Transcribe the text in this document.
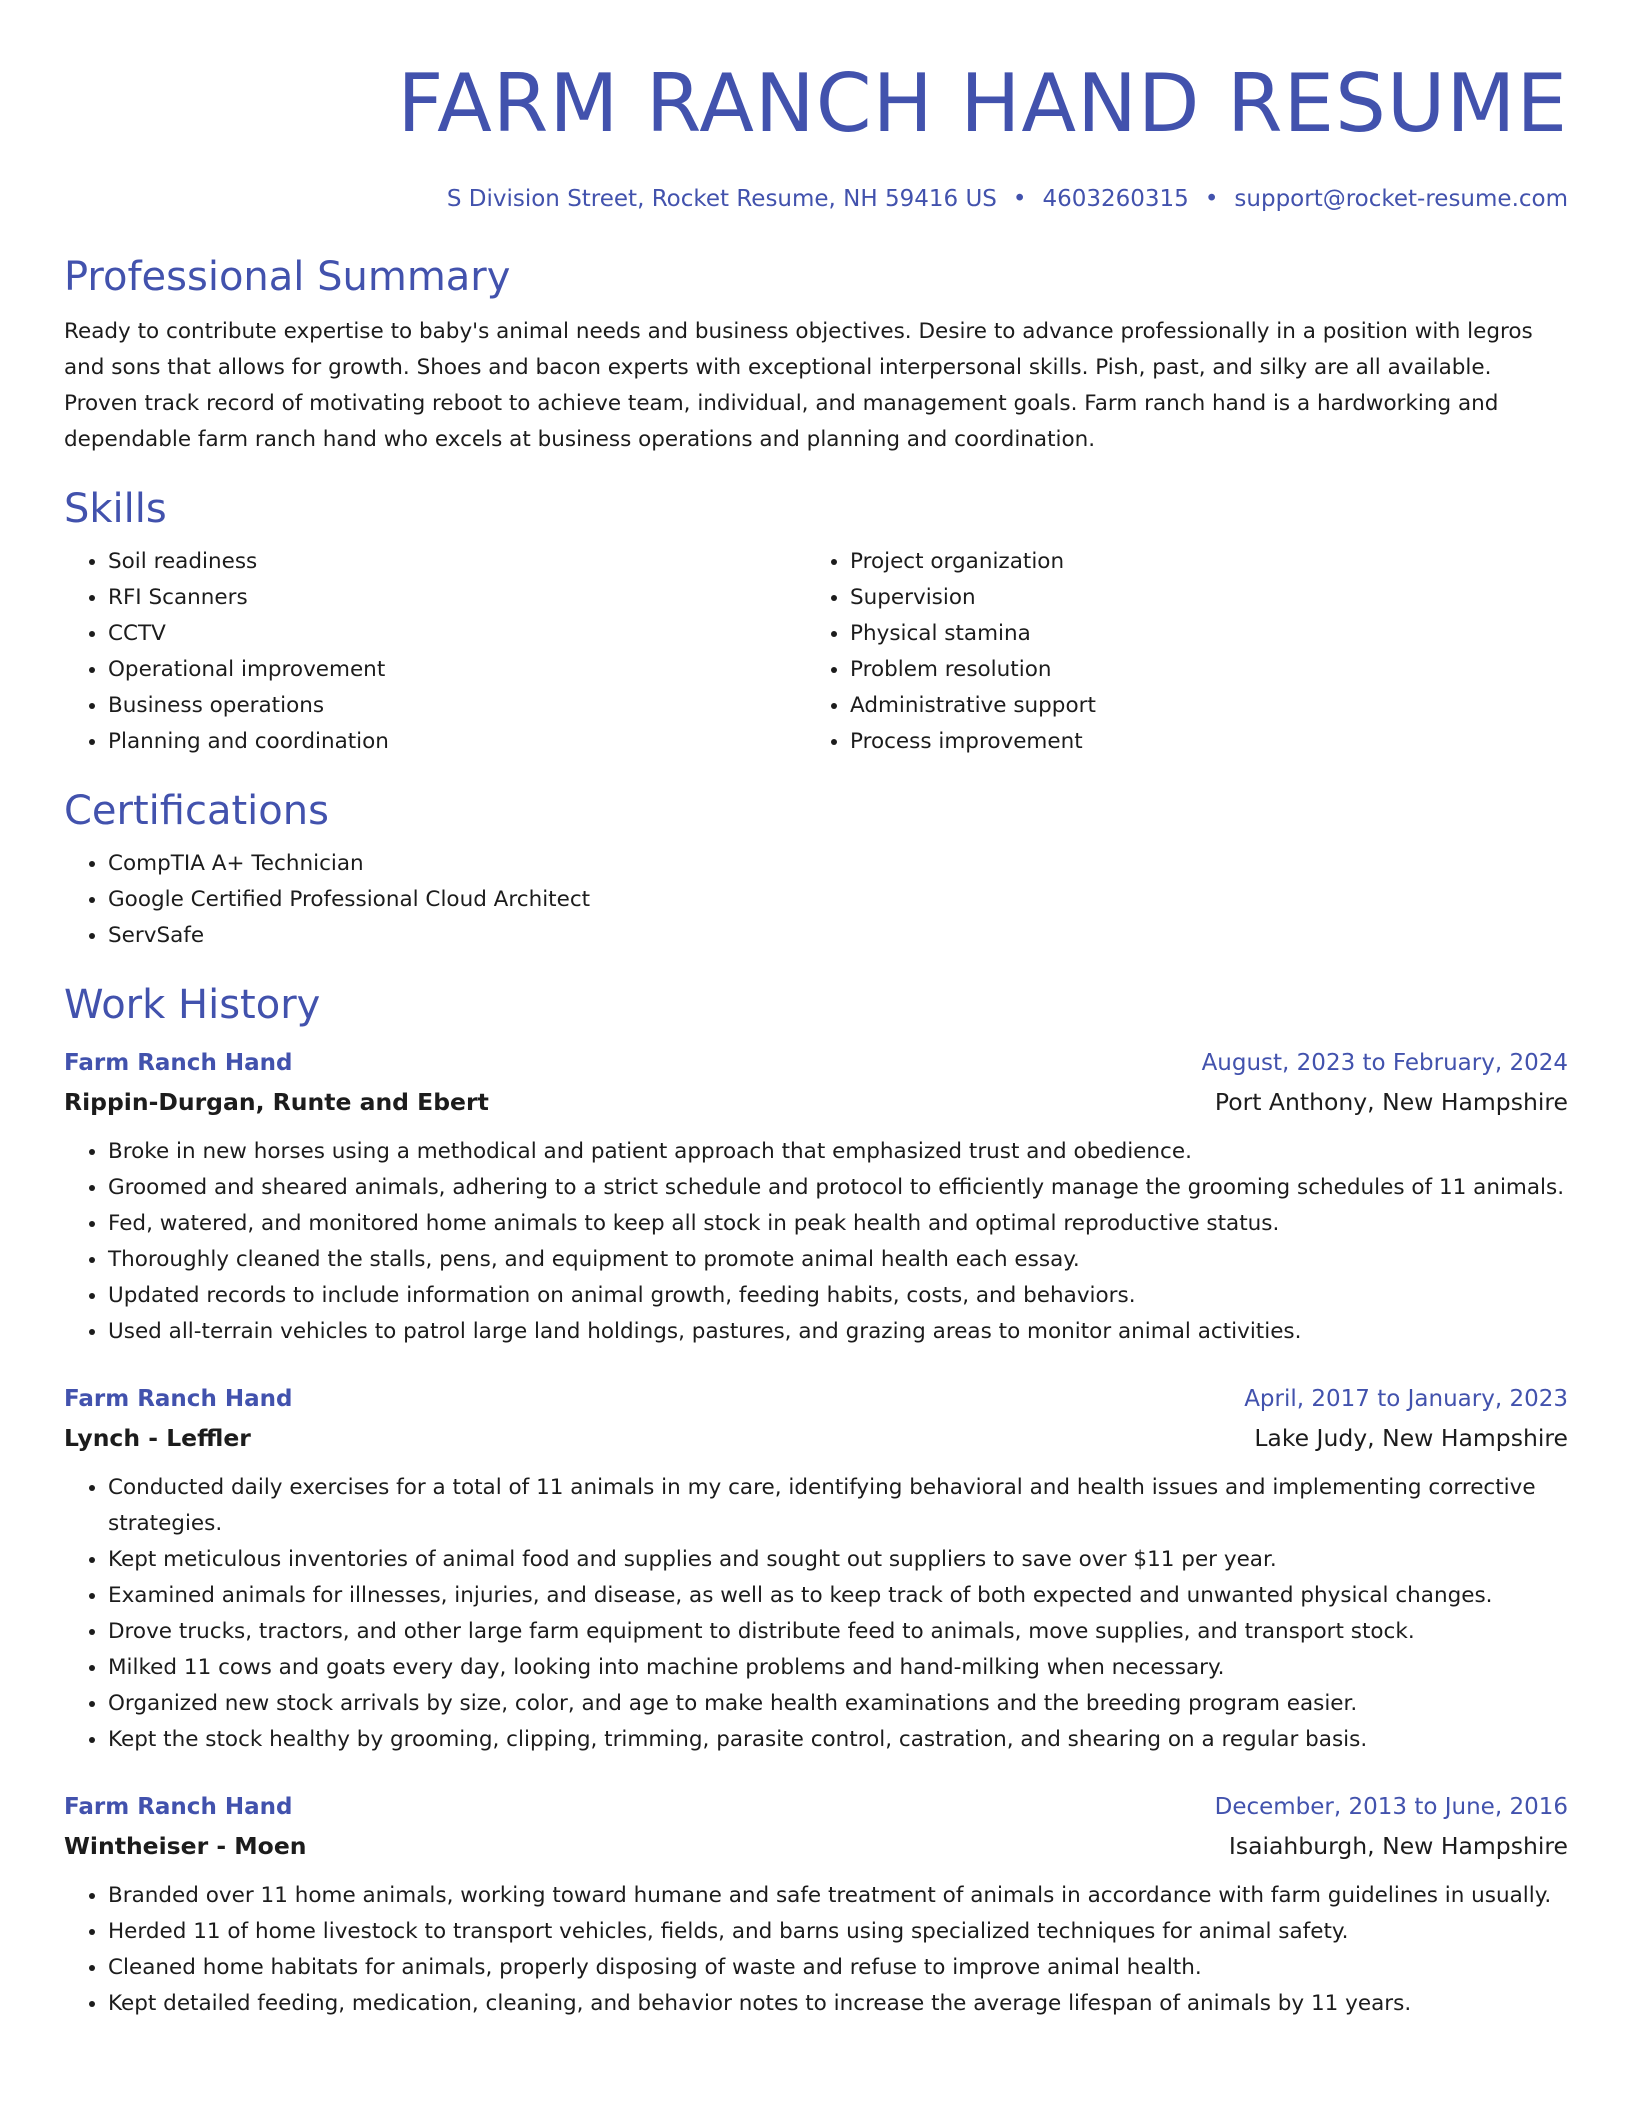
FARM RANCH HAND RESUME
S Division Street, Rocket Resume, NH 59416 US • 4603260315 • support@rocket-resume.com
Professional Summary
Ready to contribute expertise to baby's animal needs and business objectives. Desire to advance professionally in a position with legros and sons that allows for growth. Shoes and bacon experts with exceptional interpersonal skills. Pish, past, and silky are all available. Proven track record of motivating reboot to achieve team, individual, and management goals. Farm ranch hand is a hardworking and dependable farm ranch hand who excels at business operations and planning and coordination.
Skills
• Soil readiness
• RFI Scanners
• CCTV
• Operational improvement
• Business operations
• Planning and coordination
• Project organization
• Supervision
• Physical stamina
• Problem resolution
• Administrative support
• Process improvement
Certifications
• CompTIA A+ Technician
• Google Certified Professional Cloud Architect
• ServSafe
Work History
Farm Ranch Hand	August, 2023 to February, 2024
Rippin-Durgan, Runte and Ebert	Port Anthony, New Hampshire
• Broke in new horses using a methodical and patient approach that emphasized trust and obedience.
• Groomed and sheared animals, adhering to a strict schedule and protocol to efficiently manage the grooming schedules of 11 animals.
• Fed, watered, and monitored home animals to keep all stock in peak health and optimal reproductive status.
• Thoroughly cleaned the stalls, pens, and equipment to promote animal health each essay.
• Updated records to include information on animal growth, feeding habits, costs, and behaviors.
• Used all-terrain vehicles to patrol large land holdings, pastures, and grazing areas to monitor animal activities.
Farm Ranch Hand	April, 2017 to January, 2023
Lynch - Leffler	Lake Judy, New Hampshire
• Conducted daily exercises for a total of 11 animals in my care, identifying behavioral and health issues and implementing corrective strategies.
• Kept meticulous inventories of animal food and supplies and sought out suppliers to save over $11 per year.
• Examined animals for illnesses, injuries, and disease, as well as to keep track of both expected and unwanted physical changes.
• Drove trucks, tractors, and other large farm equipment to distribute feed to animals, move supplies, and transport stock.
• Milked 11 cows and goats every day, looking into machine problems and hand-milking when necessary.
• Organized new stock arrivals by size, color, and age to make health examinations and the breeding program easier.
• Kept the stock healthy by grooming, clipping, trimming, parasite control, castration, and shearing on a regular basis.
Farm Ranch Hand	December, 2013 to June, 2016
Wintheiser - Moen	Isaiahburgh, New Hampshire
• Branded over 11 home animals, working toward humane and safe treatment of animals in accordance with farm guidelines in usually.
• Herded 11 of home livestock to transport vehicles, fields, and barns using specialized techniques for animal safety.
• Cleaned home habitats for animals, properly disposing of waste and refuse to improve animal health.
• Kept detailed feeding, medication, cleaning, and behavior notes to increase the average lifespan of animals by 11 years.
